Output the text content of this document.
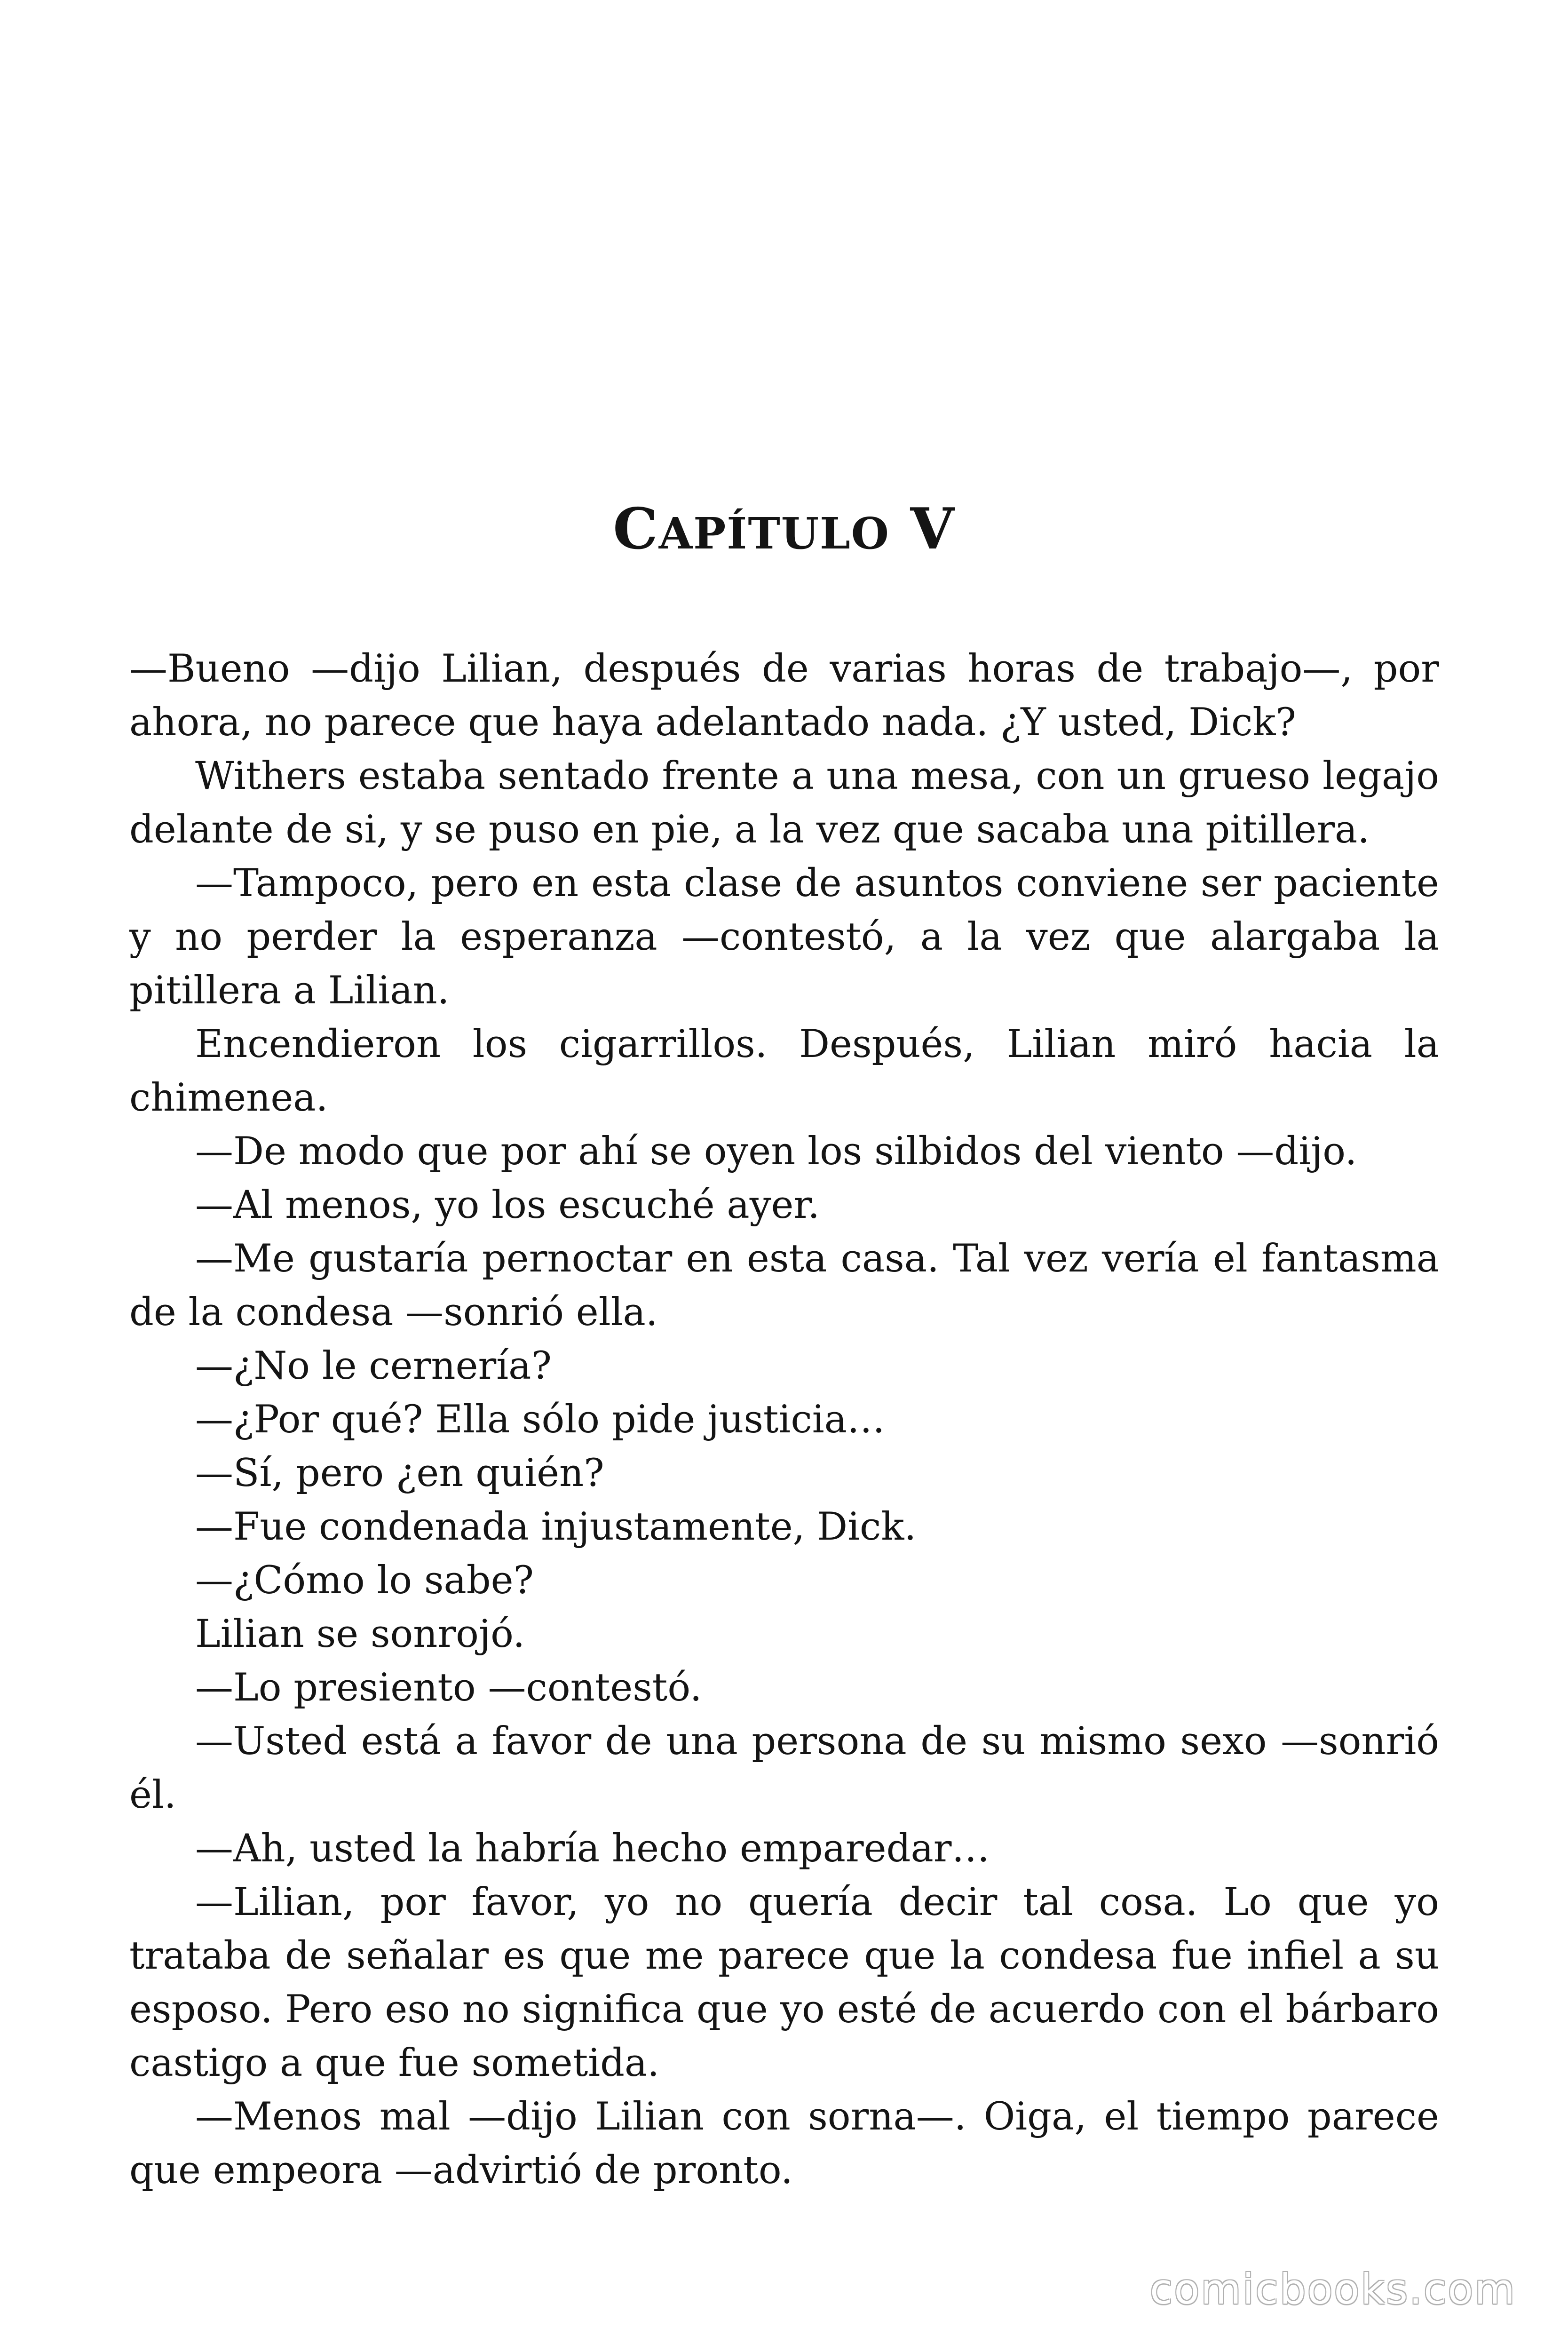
CAPÍTULO V

—Bueno —dijo Lilian, después de varias horas de trabajo—, por ahora, no parece que haya adelantado nada. ¿Y usted, Dick?

Withers estaba sentado frente a una mesa, con un grueso legajo delante de si, y se puso en pie, a la vez que sacaba una pitillera.

—Tampoco, pero en esta clase de asuntos conviene ser paciente y no perder la esperanza —contestó, a la vez que alargaba la pitillera a Lilian.

Encendieron los cigarrillos. Después, Lilian miró hacia la chimenea.

—De modo que por ahí se oyen los silbidos del viento —dijo.

—Al menos, yo los escuché ayer.

—Me gustaría pernoctar en esta casa. Tal vez vería el fantasma de la condesa —sonrió ella.

—¿No le cernería?

—¿Por qué? Ella sólo pide justicia…

—Sí, pero ¿en quién?

—Fue condenada injustamente, Dick.

—¿Cómo lo sabe?

Lilian se sonrojó.

—Lo presiento —contestó.

—Usted está a favor de una persona de su mismo sexo —sonrió él.

—Ah, usted la habría hecho emparedar…

—Lilian, por favor, yo no quería decir tal cosa. Lo que yo trataba de señalar es que me parece que la condesa fue infiel a su esposo. Pero eso no significa que yo esté de acuerdo con el bárbaro castigo a que fue sometida.

—Menos mal —dijo Lilian con sorna—. Oiga, el tiempo parece que empeora —advirtió de pronto.

comicbooks.com
